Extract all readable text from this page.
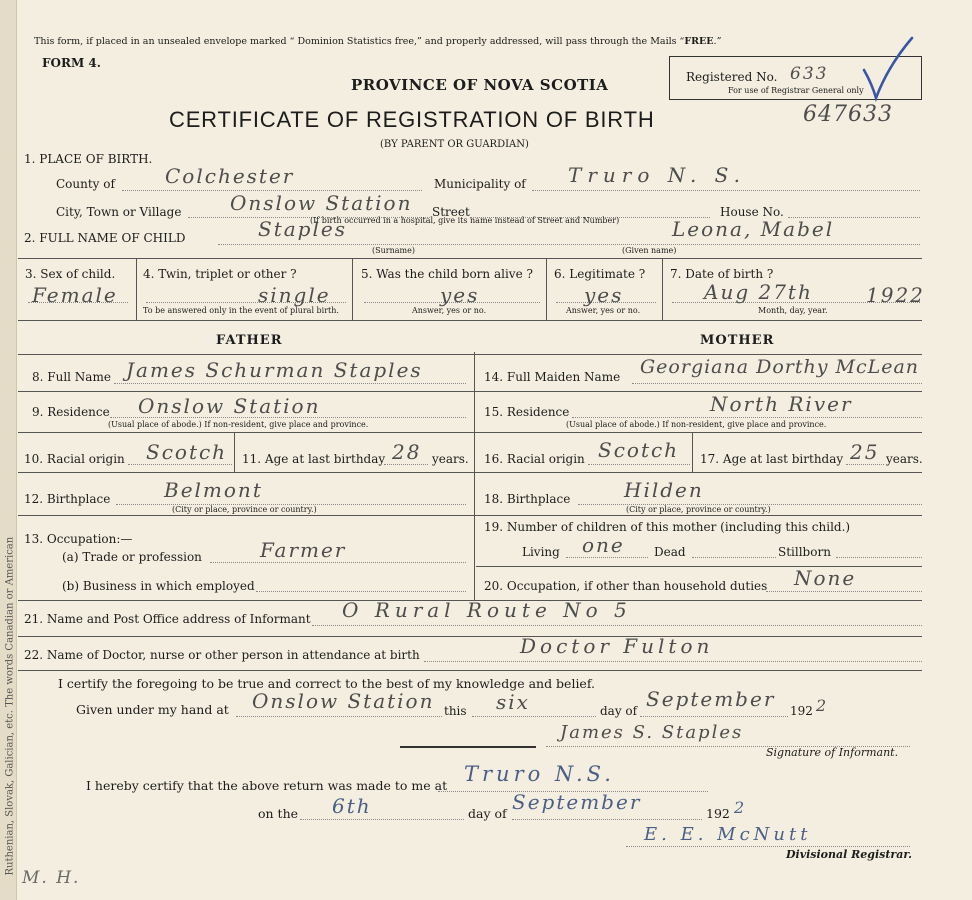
Ruthenian, Slovak, Galician, etc. The words Canadian or American
This form, if placed in an unsealed envelope marked “ Dominion Statistics free,” and properly addressed, will pass through the Mails “FREE.”
FORM 4.
PROVINCE OF NOVA SCOTIA
CERTIFICATE OF REGISTRATION OF BIRTH
(BY PARENT OR GUARDIAN)
Registered No. 633
For use of Registrar General only
647633
1. PLACE OF BIRTH.
County of	Colchester	Municipality of Truro N. S.
City, Town or Village Onslow Station Street	House No.
(If birth occurred in a hospital, give its name instead of Street and Number)
2. FULL NAME OF CHILD	Staples
(Surname)
Leona, Mabel
(Given name)
3. Sex of child.
Female
4. Twin, triplet or other ?
single
To be answered only in the event of plural birth.
5. Was the child born alive ?
yes
Answer, yes or no.
6. Legitimate ?
yes
Answer, yes or no.
7. Date of birth ?
Aug 27th	1922
Month, day, year.
FATHER	MOTHER
8. Full Name James Schurman Staples
9. Residence Onslow Station
(Usual place of abode.) If non-resident, give place and province.
10. Racial origin Scotch 11. Age at last birthday 28 years.
12. Birthplace	Belmont
(City or place, province or country.)
13. Occupation:—
(a) Trade or profession	Farmer
(b) Business in which employed
14. Full Maiden Name Georgiana Dorthy McLean
15. Residence	North River
(Usual place of abode.) If non-resident, give place and province.
16. Racial origin Scotch 17. Age at last birthday 25 years.
18. Birthplace	Hilden
(City or place, province or country.)
19. Number of children of this mother (including this child.)
Living one Dead	Stillborn
20. Occupation, if other than household duties None
21. Name and Post Office address of Informant O Rural Route No 5
22. Name of Doctor, nurse or other person in attendance at birth	Doctor Fulton
I certify the foregoing to be true and correct to the best of my knowledge and belief.
Given under my hand at Onslow Station this six	day of September 192 2
James S. Staples
Signature of Informant.
I hereby certify that the above return was made to me at Truro N.S.
on the 6th	day of September	192 2
E. E. McNutt
Divisional Registrar.
M. H.
